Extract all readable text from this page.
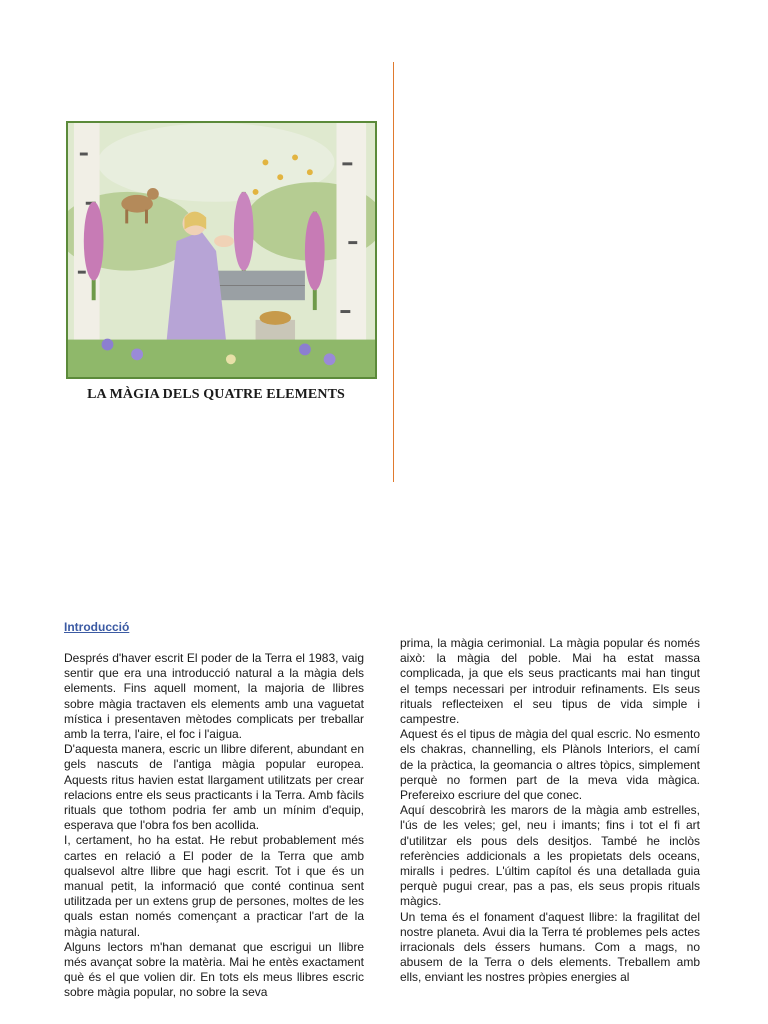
LA MÀGIA DELS QUATRE ELEMENTS
Introducció

Després d'haver escrit El poder de la Terra el 1983, vaig sentir que era una introducció natural a la màgia dels elements. Fins aquell moment, la majoria de llibres sobre màgia tractaven els elements amb una vaguetat mística i presentaven mètodes complicats per treballar amb la terra, l'aire, el foc i l'aigua.

D'aquesta manera, escric un llibre diferent, abundant en gels nascuts de l'antiga màgia popular europea. Aquests ritus havien estat llargament utilitzats per crear relacions entre els seus practicants i la Terra. Amb fàcils rituals que tothom podria fer amb un mínim d'equip, esperava que l'obra fos ben acollida.

I, certament, ho ha estat. He rebut probablement més cartes en relació a El poder de la Terra que amb qualsevol altre llibre que hagi escrit. Tot i que és un manual petit, la informació que conté continua sent utilitzada per un extens grup de persones, moltes de les quals estan només començant a practicar l'art de la màgia natural.

Alguns lectors m'han demanat que escrigui un llibre més avançat sobre la matèria. Mai he entès exactament què és el que volien dir. En tots els meus llibres escric sobre màgia popular, no sobre la seva

prima, la màgia cerimonial. La màgia popular és només això: la màgia del poble. Mai ha estat massa complicada, ja que els seus practicants mai han tingut el temps necessari per introduir refinaments. Els seus rituals reflecteixen el seu tipus de vida simple i campestre.

Aquest és el tipus de màgia del qual escric. No esmento els chakras, channelling, els Plànols Interiors, el camí de la pràctica, la geomancia o altres tòpics, simplement perquè no formen part de la meva vida màgica. Prefereixo escriure del que conec.

Aquí descobrirà les marors de la màgia amb estrelles, l'ús de les veles; gel, neu i imants; fins i tot el fi art d'utilitzar els pous dels desitjos. També he inclòs referències addicionals a les propietats dels oceans, miralls i pedres. L'últim capítol és una detallada guia perquè pugui crear, pas a pas, els seus propis rituals màgics.

Un tema és el fonament d'aquest llibre: la fragilitat del nostre planeta. Avui dia la Terra té problemes pels actes irracionals dels éssers humans. Com a mags, no abusem de la Terra o dels elements. Treballem amb ells, enviant les nostres pròpies energies al
